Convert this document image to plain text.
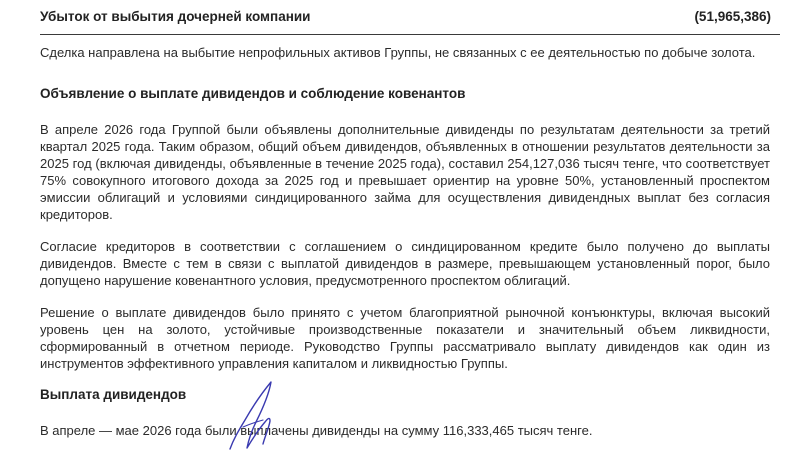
Убыток от выбытия дочерней компании	(51,965,386)

Сделка направлена на выбытие непрофильных активов Группы, не связанных с ее деятельностью по добыче золота.

Объявление о выплате дивидендов и соблюдение ковенантов

В апреле 2026 года Группой были объявлены дополнительные дивиденды по результатам деятельности за третий квартал 2025 года. Таким образом, общий объем дивидендов, объявленных в отношении результатов деятельности за 2025 год (включая дивиденды, объявленные в течение 2025 года), составил 254,127,036 тысяч тенге, что соответствует 75% совокупного итогового дохода за 2025 год и превышает ориентир на уровне 50%, установленный проспектом эмиссии облигаций и условиями синдицированного займа для осуществления дивидендных выплат без согласия кредиторов.

Согласие кредиторов в соответствии с соглашением о синдицированном кредите было получено до выплаты дивидендов. Вместе с тем в связи с выплатой дивидендов в размере, превышающем установленный порог, было допущено нарушение ковенантного условия, предусмотренного проспектом облигаций.

Решение о выплате дивидендов было принято с учетом благоприятной рыночной конъюнктуры, включая высокий уровень цен на золото, устойчивые производственные показатели и значительный объем ликвидности, сформированный в отчетном периоде. Руководство Группы рассматривало выплату дивидендов как один из инструментов эффективного управления капиталом и ликвидностью Группы.

Выплата дивидендов

В апреле — мае 2026 года были выплачены дивиденды на сумму 116,333,465 тысяч тенге.
